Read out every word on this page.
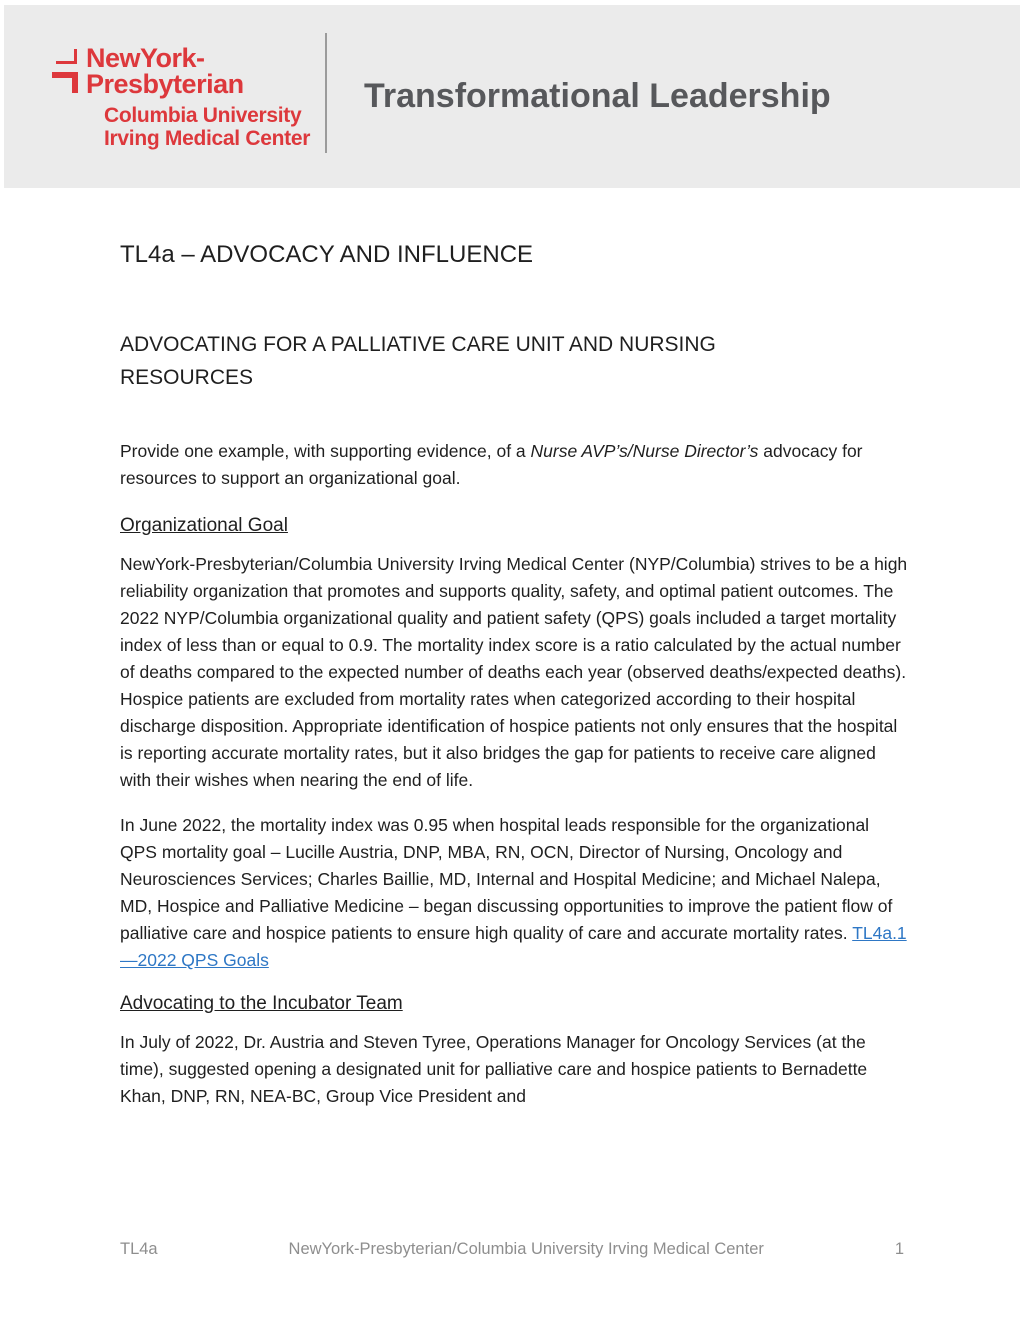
NewYork-
Presbyterian
Columbia University
Irving Medical Center
Transformational Leadership
TL4a – ADVOCACY AND INFLUENCE
ADVOCATING FOR A PALLIATIVE CARE UNIT AND NURSING RESOURCES

Provide one example, with supporting evidence, of a Nurse AVP’s/Nurse Director’s advocacy for resources to support an organizational goal.

Organizational Goal

NewYork-Presbyterian/Columbia University Irving Medical Center (NYP/Columbia) strives to be a high reliability organization that promotes and supports quality, safety, and optimal patient outcomes. The 2022 NYP/Columbia organizational quality and patient safety (QPS) goals included a target mortality index of less than or equal to 0.9. The mortality index score is a ratio calculated by the actual number of deaths compared to the expected number of deaths each year (observed deaths/expected deaths). Hospice patients are excluded from mortality rates when categorized according to their hospital discharge disposition. Appropriate identification of hospice patients not only ensures that the hospital is reporting accurate mortality rates, but it also bridges the gap for patients to receive care aligned with their wishes when nearing the end of life.

In June 2022, the mortality index was 0.95 when hospital leads responsible for the organizational QPS mortality goal – Lucille Austria, DNP, MBA, RN, OCN, Director of Nursing, Oncology and Neurosciences Services; Charles Baillie, MD, Internal and Hospital Medicine; and Michael Nalepa, MD, Hospice and Palliative Medicine – began discussing opportunities to improve the patient flow of palliative care and hospice patients to ensure high quality of care and accurate mortality rates. TL4a.1—2022 QPS Goals

Advocating to the Incubator Team

In July of 2022, Dr. Austria and Steven Tyree, Operations Manager for Oncology Services (at the time), suggested opening a designated unit for palliative care and hospice patients to Bernadette Khan, DNP, RN, NEA-BC, Group Vice President and

TL4a	NewYork-Presbyterian/Columbia University Irving Medical Center	1
